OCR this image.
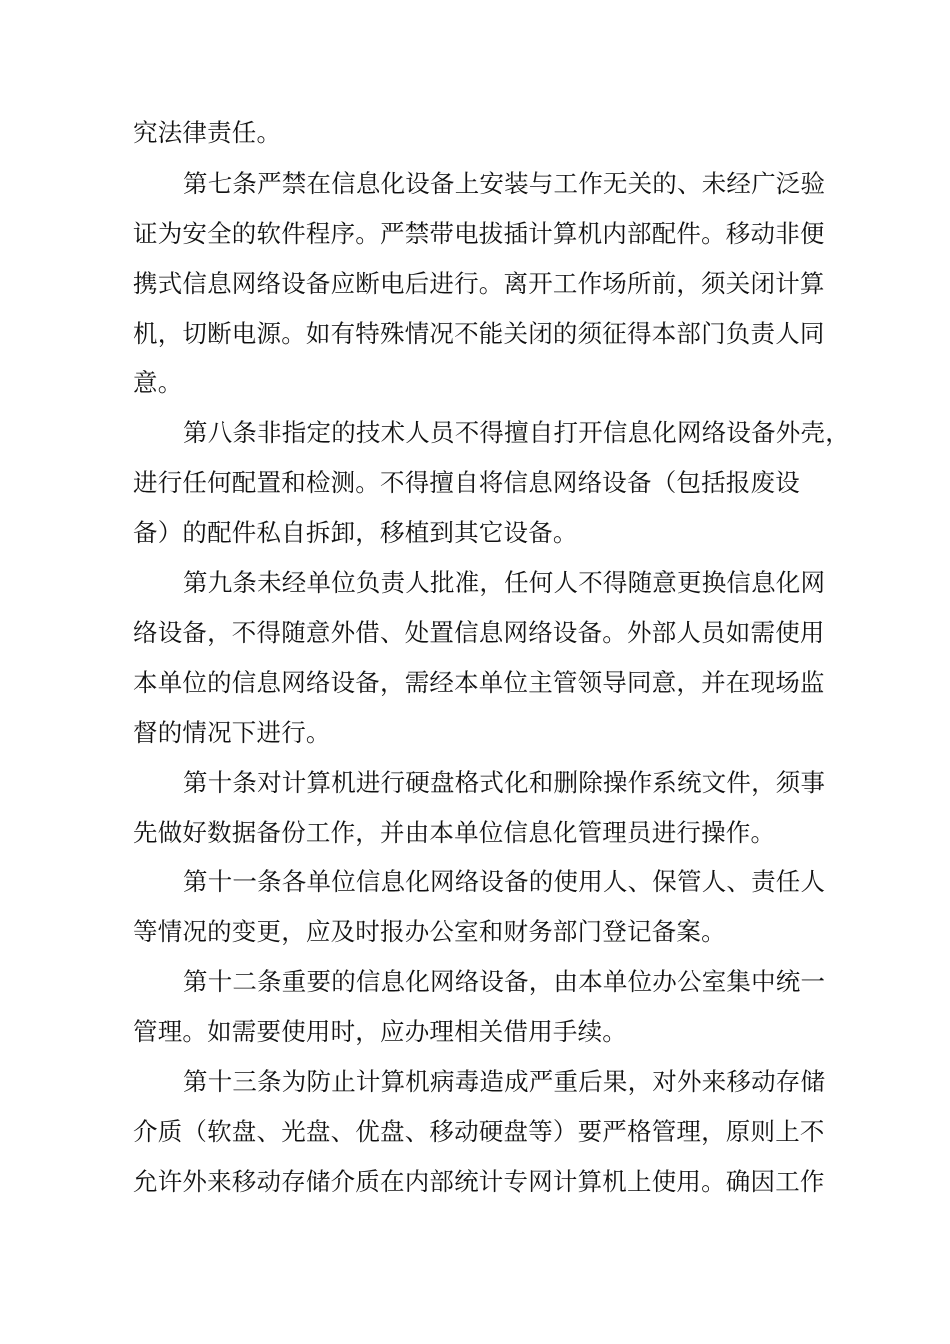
究法律责任。
第七条严禁在信息化设备上安装与工作无关的、未经广泛验
证为安全的软件程序。严禁带电拔插计算机内部配件。移动非便
携式信息网络设备应断电后进行。离开工作场所前，须关闭计算
机，切断电源。如有特殊情况不能关闭的须征得本部门负责人同
意。
第八条非指定的技术人员不得擅自打开信息化网络设备外壳，
进行任何配置和检测。不得擅自将信息网络设备（包括报废设
备）的配件私自拆卸，移植到其它设备。
第九条未经单位负责人批准，任何人不得随意更换信息化网
络设备，不得随意外借、处置信息网络设备。外部人员如需使用
本单位的信息网络设备，需经本单位主管领导同意，并在现场监
督的情况下进行。
第十条对计算机进行硬盘格式化和删除操作系统文件，须事
先做好数据备份工作，并由本单位信息化管理员进行操作。
第十一条各单位信息化网络设备的使用人、保管人、责任人
等情况的变更，应及时报办公室和财务部门登记备案。
第十二条重要的信息化网络设备，由本单位办公室集中统一
管理。如需要使用时，应办理相关借用手续。
第十三条为防止计算机病毒造成严重后果，对外来移动存储
介质（软盘、光盘、优盘、移动硬盘等）要严格管理，原则上不
允许外来移动存储介质在内部统计专网计算机上使用。确因工作
